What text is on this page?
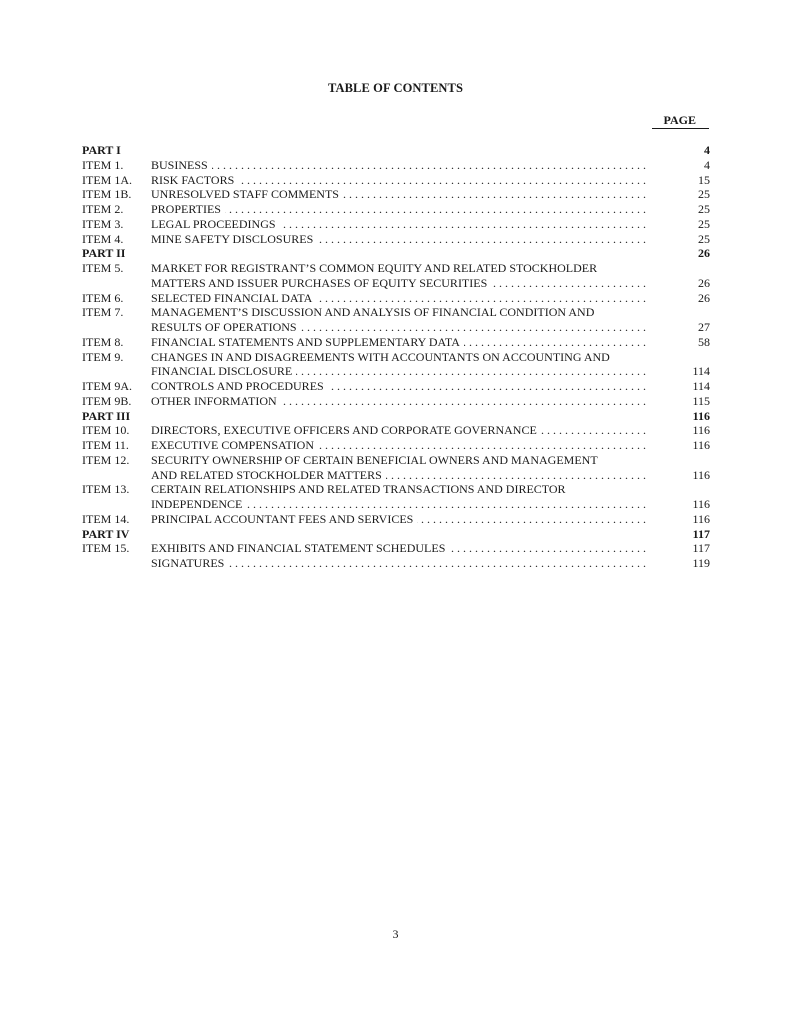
TABLE OF CONTENTS
PAGE
PART I	4
ITEM 1. BUSINESS . . .	4
ITEM 1A. RISK FACTORS . . .	15
ITEM 1B. UNRESOLVED STAFF COMMENTS . . .	25
ITEM 2. PROPERTIES . . .	25
ITEM 3. LEGAL PROCEEDINGS . . .	25
ITEM 4. MINE SAFETY DISCLOSURES . . .	25
PART II	26
ITEM 5. MARKET FOR REGISTRANT’S COMMON EQUITY AND RELATED STOCKHOLDER
MATTERS AND ISSUER PURCHASES OF EQUITY SECURITIES . . .	26
ITEM 6. SELECTED FINANCIAL DATA . . .	26
ITEM 7. MANAGEMENT’S DISCUSSION AND ANALYSIS OF FINANCIAL CONDITION AND
RESULTS OF OPERATIONS . . .	27
ITEM 8. FINANCIAL STATEMENTS AND SUPPLEMENTARY DATA . . .	58
ITEM 9. CHANGES IN AND DISAGREEMENTS WITH ACCOUNTANTS ON ACCOUNTING AND
FINANCIAL DISCLOSURE . . .	114
ITEM 9A. CONTROLS AND PROCEDURES . . .	114
ITEM 9B. OTHER INFORMATION . . .	115
PART III	116
ITEM 10. DIRECTORS, EXECUTIVE OFFICERS AND CORPORATE GOVERNANCE . . .	116
ITEM 11. EXECUTIVE COMPENSATION . . .	116
ITEM 12. SECURITY OWNERSHIP OF CERTAIN BENEFICIAL OWNERS AND MANAGEMENT
AND RELATED STOCKHOLDER MATTERS . . .	116
ITEM 13. CERTAIN RELATIONSHIPS AND RELATED TRANSACTIONS AND DIRECTOR
INDEPENDENCE . . .	116
ITEM 14. PRINCIPAL ACCOUNTANT FEES AND SERVICES . . .	116
PART IV	117
ITEM 15. EXHIBITS AND FINANCIAL STATEMENT SCHEDULES . . .	117
SIGNATURES . . .	119
3
